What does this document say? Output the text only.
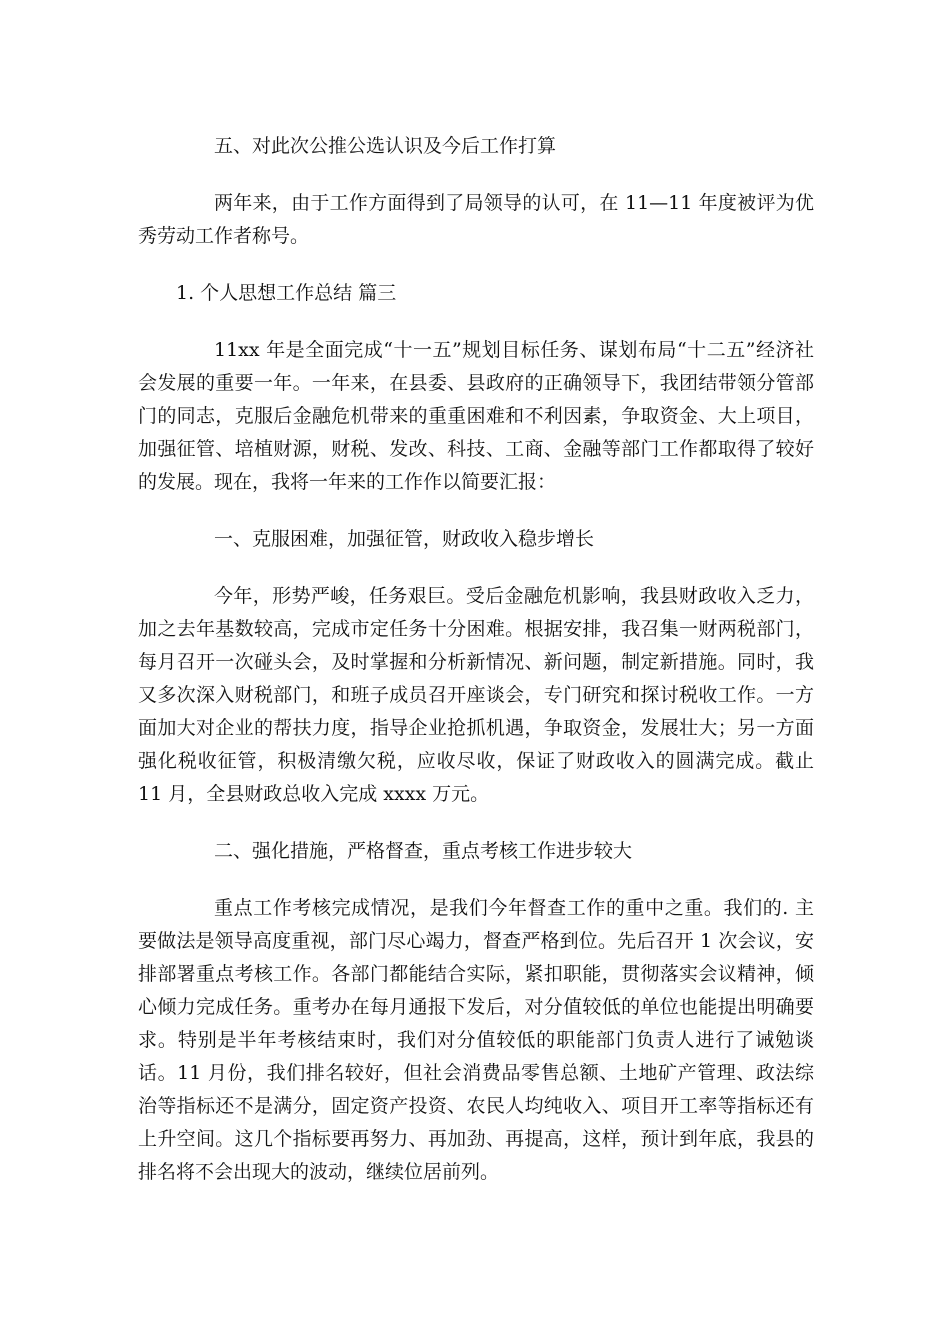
五、对此次公推公选认识及今后工作打算

两年来，由于工作方面得到了局领导的认可，在 11—11 年度被评为优秀劳动工作者称号。

1. 个人思想工作总结 篇三

11xx 年是全面完成“十一五”规划目标任务、谋划布局“十二五”经济社会发展的重要一年。一年来，在县委、县政府的正确领导下，我团结带领分管部门的同志，克服后金融危机带来的重重困难和不利因素，争取资金、大上项目，加强征管、培植财源，财税、发改、科技、工商、金融等部门工作都取得了较好的发展。现在，我将一年来的工作作以简要汇报：

一、克服困难，加强征管，财政收入稳步增长

今年，形势严峻，任务艰巨。受后金融危机影响，我县财政收入乏力，加之去年基数较高，完成市定任务十分困难。根据安排，我召集一财两税部门，每月召开一次碰头会，及时掌握和分析新情况、新问题，制定新措施。同时，我又多次深入财税部门，和班子成员召开座谈会，专门研究和探讨税收工作。一方面加大对企业的帮扶力度，指导企业抢抓机遇，争取资金，发展壮大；另一方面强化税收征管，积极清缴欠税，应收尽收，保证了财政收入的圆满完成。截止 11 月，全县财政总收入完成 xxxx 万元。

二、强化措施，严格督查，重点考核工作进步较大

重点工作考核完成情况，是我们今年督查工作的重中之重。我们的. 主要做法是领导高度重视，部门尽心竭力，督查严格到位。先后召开 1 次会议，安排部署重点考核工作。各部门都能结合实际，紧扣职能，贯彻落实会议精神，倾心倾力完成任务。重考办在每月通报下发后，对分值较低的单位也能提出明确要求。特别是半年考核结束时，我们对分值较低的职能部门负责人进行了诫勉谈话。11 月份，我们排名较好，但社会消费品零售总额、土地矿产管理、政法综治等指标还不是满分，固定资产投资、农民人均纯收入、项目开工率等指标还有上升空间。这几个指标要再努力、再加劲、再提高，这样，预计到年底，我县的排名将不会出现大的波动，继续位居前列。
